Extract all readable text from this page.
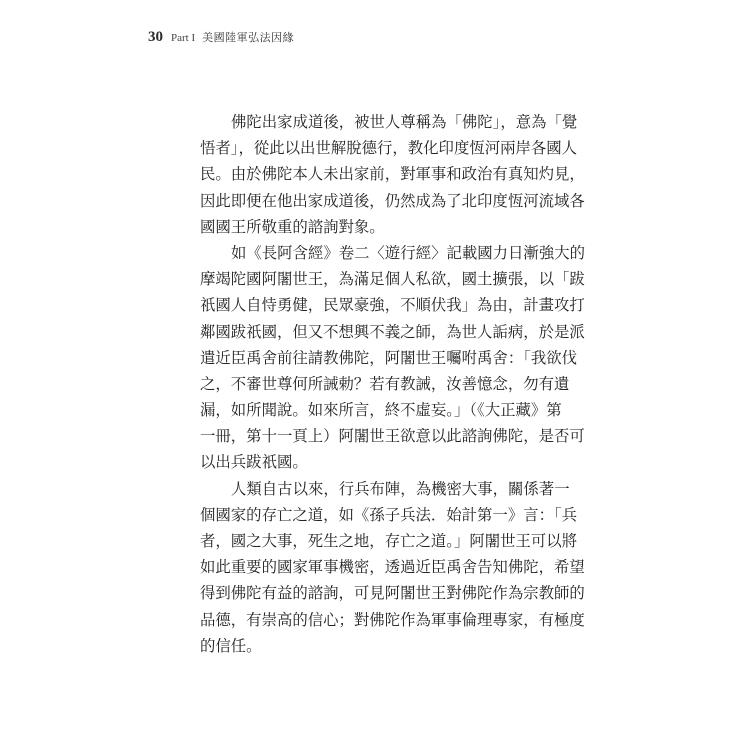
30 Part I 美國陸軍弘法因緣
佛陀出家成道後，被世人尊稱為「佛陀」，意為「覺
悟者」，從此以出世解脫德行，教化印度恆河兩岸各國人
民。由於佛陀本人未出家前，對軍事和政治有真知灼見，
因此即便在他出家成道後，仍然成為了北印度恆河流域各
國國王所敬重的諮詢對象。
如《長阿含經》卷二〈遊行經〉記載國力日漸強大的
摩竭陀國阿闍世王，為滿足個人私欲，國土擴張，以「跋
祇國人自恃勇健，民眾豪強，不順伏我」為由，計畫攻打
鄰國跋祇國，但又不想興不義之師，為世人詬病，於是派
遣近臣禹舍前往請教佛陀，阿闍世王囑咐禹舍：「我欲伐
之，不審世尊何所誡勅？若有教誡，汝善憶念，勿有遺
漏，如所聞說。如來所言，終不虛妄。」（《大正藏》第
一冊，第十一頁上）阿闍世王欲意以此諮詢佛陀，是否可
以出兵跋祇國。
人類自古以來，行兵布陣，為機密大事，關係著一
個國家的存亡之道，如《孫子兵法．始計第一》言：「兵
者，國之大事，死生之地，存亡之道。」阿闍世王可以將
如此重要的國家軍事機密，透過近臣禹舍告知佛陀，希望
得到佛陀有益的諮詢，可見阿闍世王對佛陀作為宗教師的
品德，有崇高的信心；對佛陀作為軍事倫理專家，有極度
的信任。
